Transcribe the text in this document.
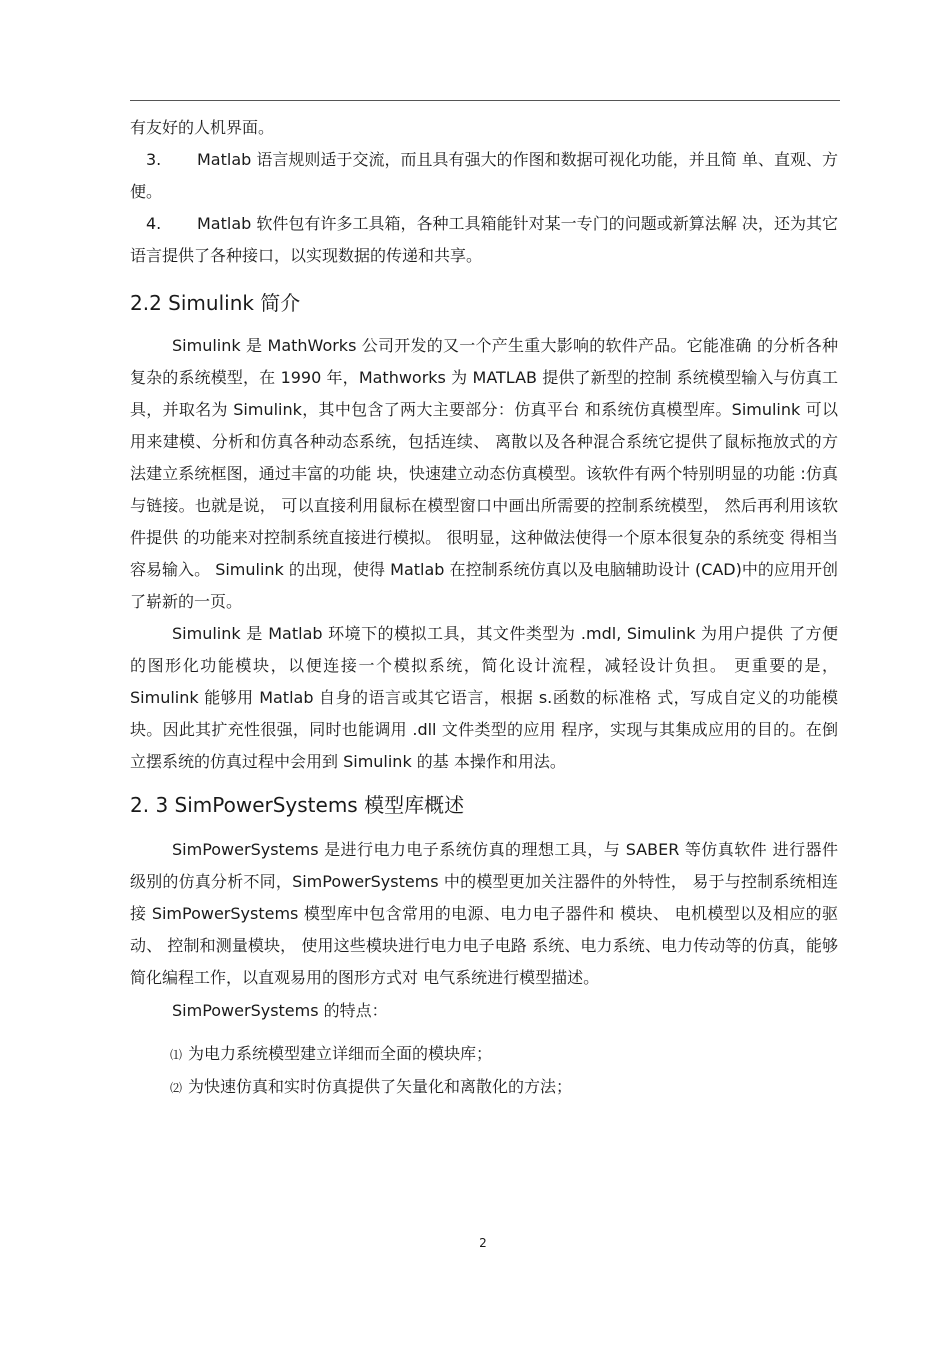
有友好的人机界面。

3. Matlab 语言规则适于交流，而且具有强大的作图和数据可视化功能，并且简 单、直观、方便。

4. Matlab 软件包有许多工具箱，各种工具箱能针对某一专门的问题或新算法解 决，还为其它语言提供了各种接口，以实现数据的传递和共享。

2.2 Simulink 简介

Simulink 是 MathWorks 公司开发的又一个产生重大影响的软件产品。它能准确 的分析各种复杂的系统模型，在 1990 年，Mathworks 为 MATLAB 提供了新型的控制 系统模型输入与仿真工具，并取名为 Simulink，其中包含了两大主要部分：仿真平台 和系统仿真模型库。Simulink 可以用来建模、分析和仿真各种动态系统，包括连续、 离散以及各种混合系统它提供了鼠标拖放式的方法建立系统框图，通过丰富的功能 块，快速建立动态仿真模型。该软件有两个特别明显的功能 :仿真与链接。也就是说， 可以直接利用鼠标在模型窗口中画出所需要的控制系统模型， 然后再利用该软件提供 的功能来对控制系统直接进行模拟。 很明显，这种做法使得一个原本很复杂的系统变 得相当容易输入。 Simulink 的出现，使得 Matlab 在控制系统仿真以及电脑辅助设计 (CAD)中的应用开创了崭新的一页。

Simulink 是 Matlab 环境下的模拟工具，其文件类型为 .mdl, Simulink 为用户提供 了方便的图形化功能模块，以便连接一个模拟系统，简化设计流程，减轻设计负担。 更重要的是，Simulink 能够用 Matlab 自身的语言或其它语言，根据 s.函数的标准格 式，写成自定义的功能模块。因此其扩充性很强，同时也能调用 .dll 文件类型的应用 程序，实现与其集成应用的目的。在倒立摆系统的仿真过程中会用到 Simulink 的基 本操作和用法。

2. 3 SimPowerSystems 模型库概述

SimPowerSystems 是进行电力电子系统仿真的理想工具，与 SABER 等仿真软件 进行器件级别的仿真分析不同，SimPowerSystems 中的模型更加关注器件的外特性， 易于与控制系统相连接 SimPowerSystems 模型库中包含常用的电源、电力电子器件和 模块、 电机模型以及相应的驱动、 控制和测量模块， 使用这些模块进行电力电子电路 系统、电力系统、电力传动等的仿真，能够简化编程工作，以直观易用的图形方式对 电气系统进行模型描述。

SimPowerSystems 的特点：

⑴ 为电力系统模型建立详细而全面的模块库；
⑵ 为快速仿真和实时仿真提供了矢量化和离散化的方法；
2
